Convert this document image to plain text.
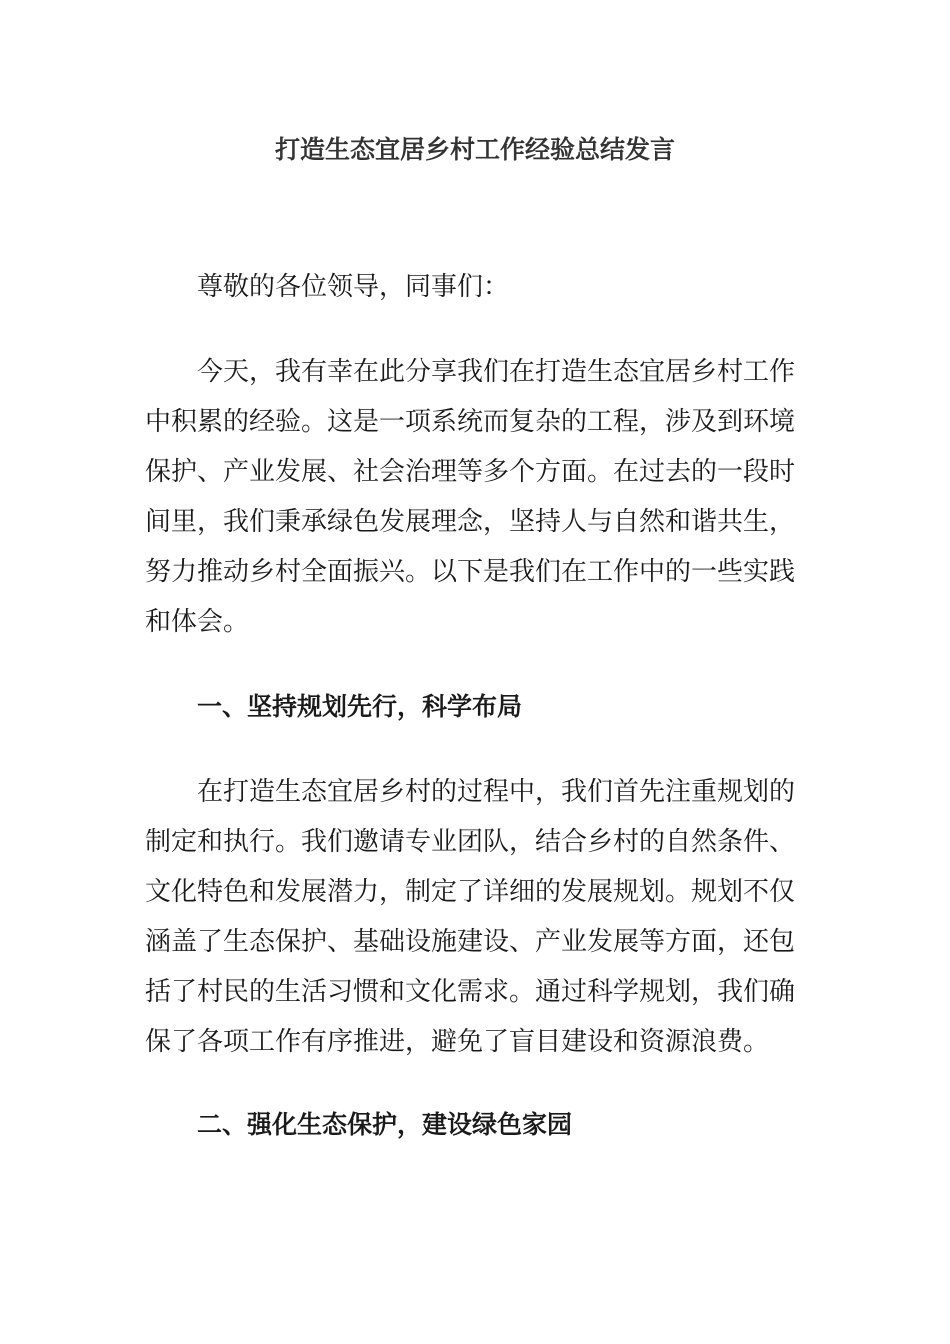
打造生态宜居乡村工作经验总结发言

尊敬的各位领导，同事们：

今天，我有幸在此分享我们在打造生态宜居乡村工作中积累的经验。这是一项系统而复杂的工程，涉及到环境保护、产业发展、社会治理等多个方面。在过去的一段时间里，我们秉承绿色发展理念，坚持人与自然和谐共生，努力推动乡村全面振兴。以下是我们在工作中的一些实践和体会。

一、坚持规划先行，科学布局

在打造生态宜居乡村的过程中，我们首先注重规划的制定和执行。我们邀请专业团队，结合乡村的自然条件、文化特色和发展潜力，制定了详细的发展规划。规划不仅涵盖了生态保护、基础设施建设、产业发展等方面，还包括了村民的生活习惯和文化需求。通过科学规划，我们确保了各项工作有序推进，避免了盲目建设和资源浪费。

二、强化生态保护，建设绿色家园
